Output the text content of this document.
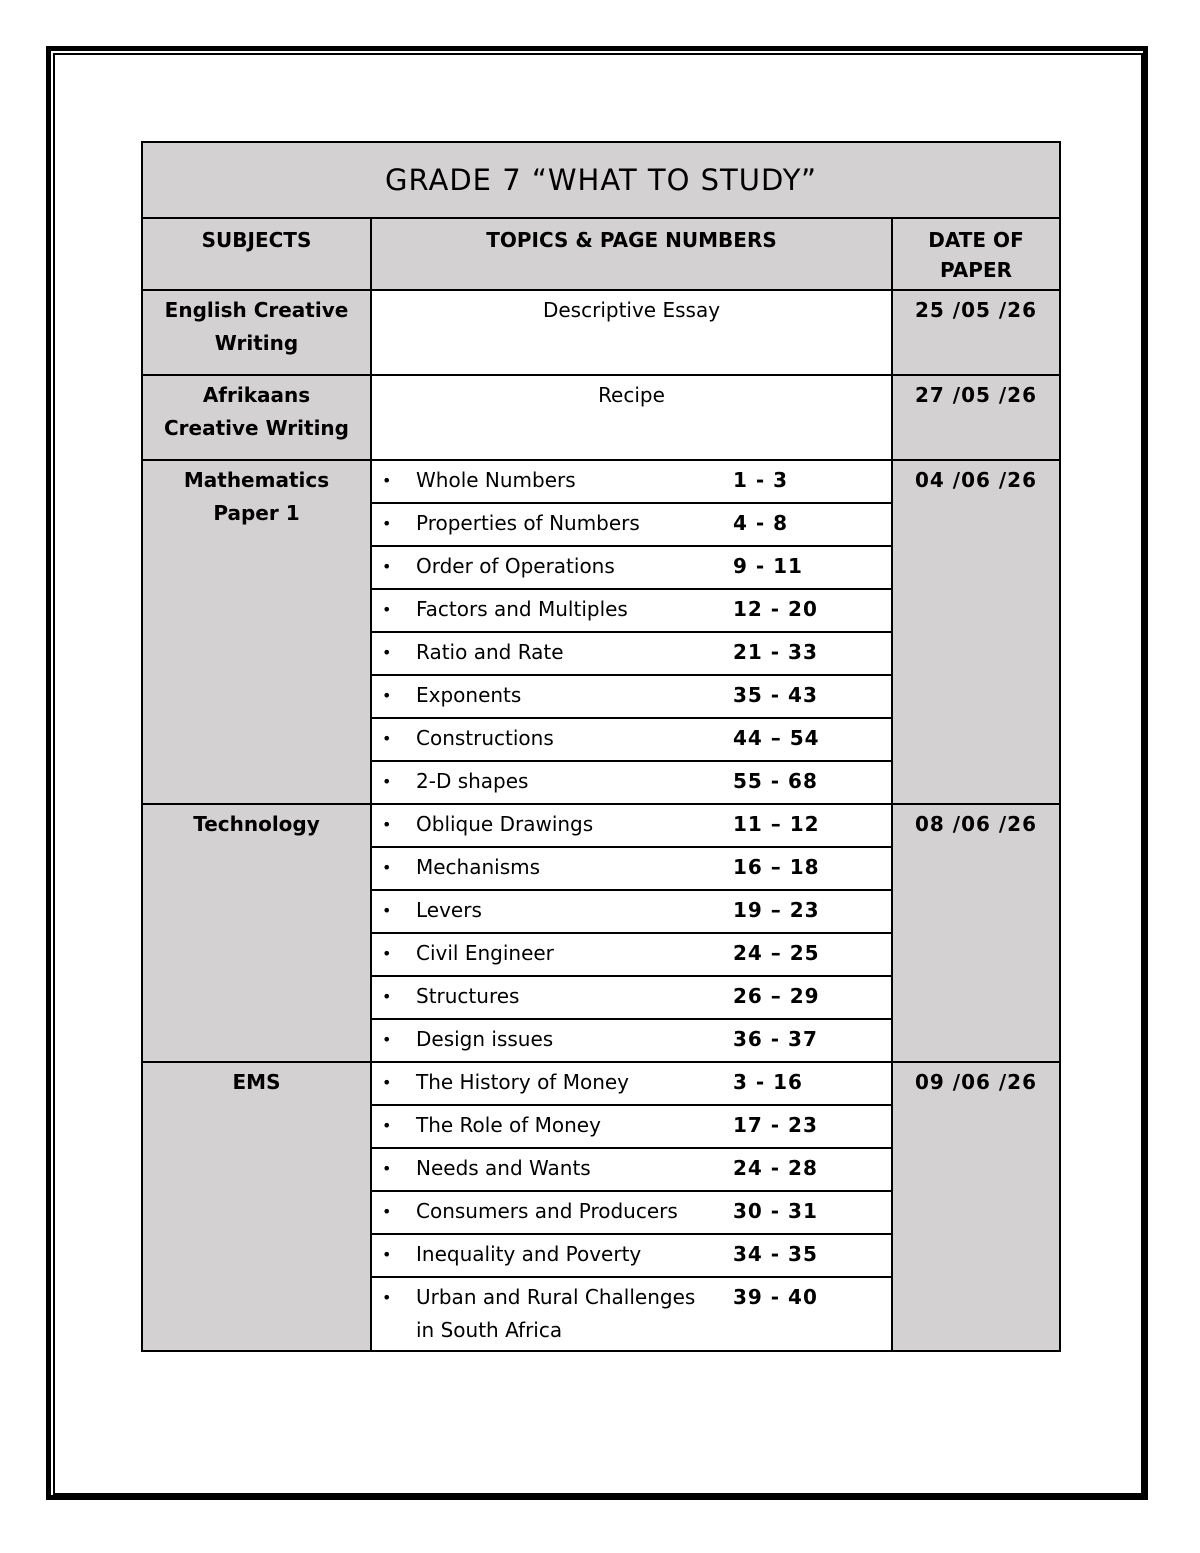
GRADE 7 “WHAT TO STUDY”		
SUBJECTS	TOPICS & PAGE NUMBERS	DATE OF
PAPER
English Creative
Writing	Descriptive Essay	25 /05 /26
Afrikaans
Creative Writing	Recipe	27 /05 /26
Mathematics
Paper 1	• Whole Numbers 1 - 3	04 /06 /26

	• Properties of Numbers 4 - 8	

	• Order of Operations 9 - 11	

	• Factors and Multiples 12 - 20	

	• Ratio and Rate 21 - 33	

	• Exponents 35 - 43	

	• Constructions 44 – 54	

	• 2-D shapes 55 - 68	

Technology	• Oblique Drawings 11 – 12	08 /06 /26

	• Mechanisms 16 – 18	

	• Levers 19 – 23	

	• Civil Engineer 24 – 25	

	• Structures 26 – 29	

	• Design issues 36 - 37	

EMS	• The History of Money 3 - 16	09 /06 /26

	• The Role of Money 17 - 23	

	• Needs and Wants 24 - 28	

	• Consumers and Producers 30 - 31	

	• Inequality and Poverty 34 - 35	

	• Urban and Rural Challenges
in South Africa
39 - 40	
